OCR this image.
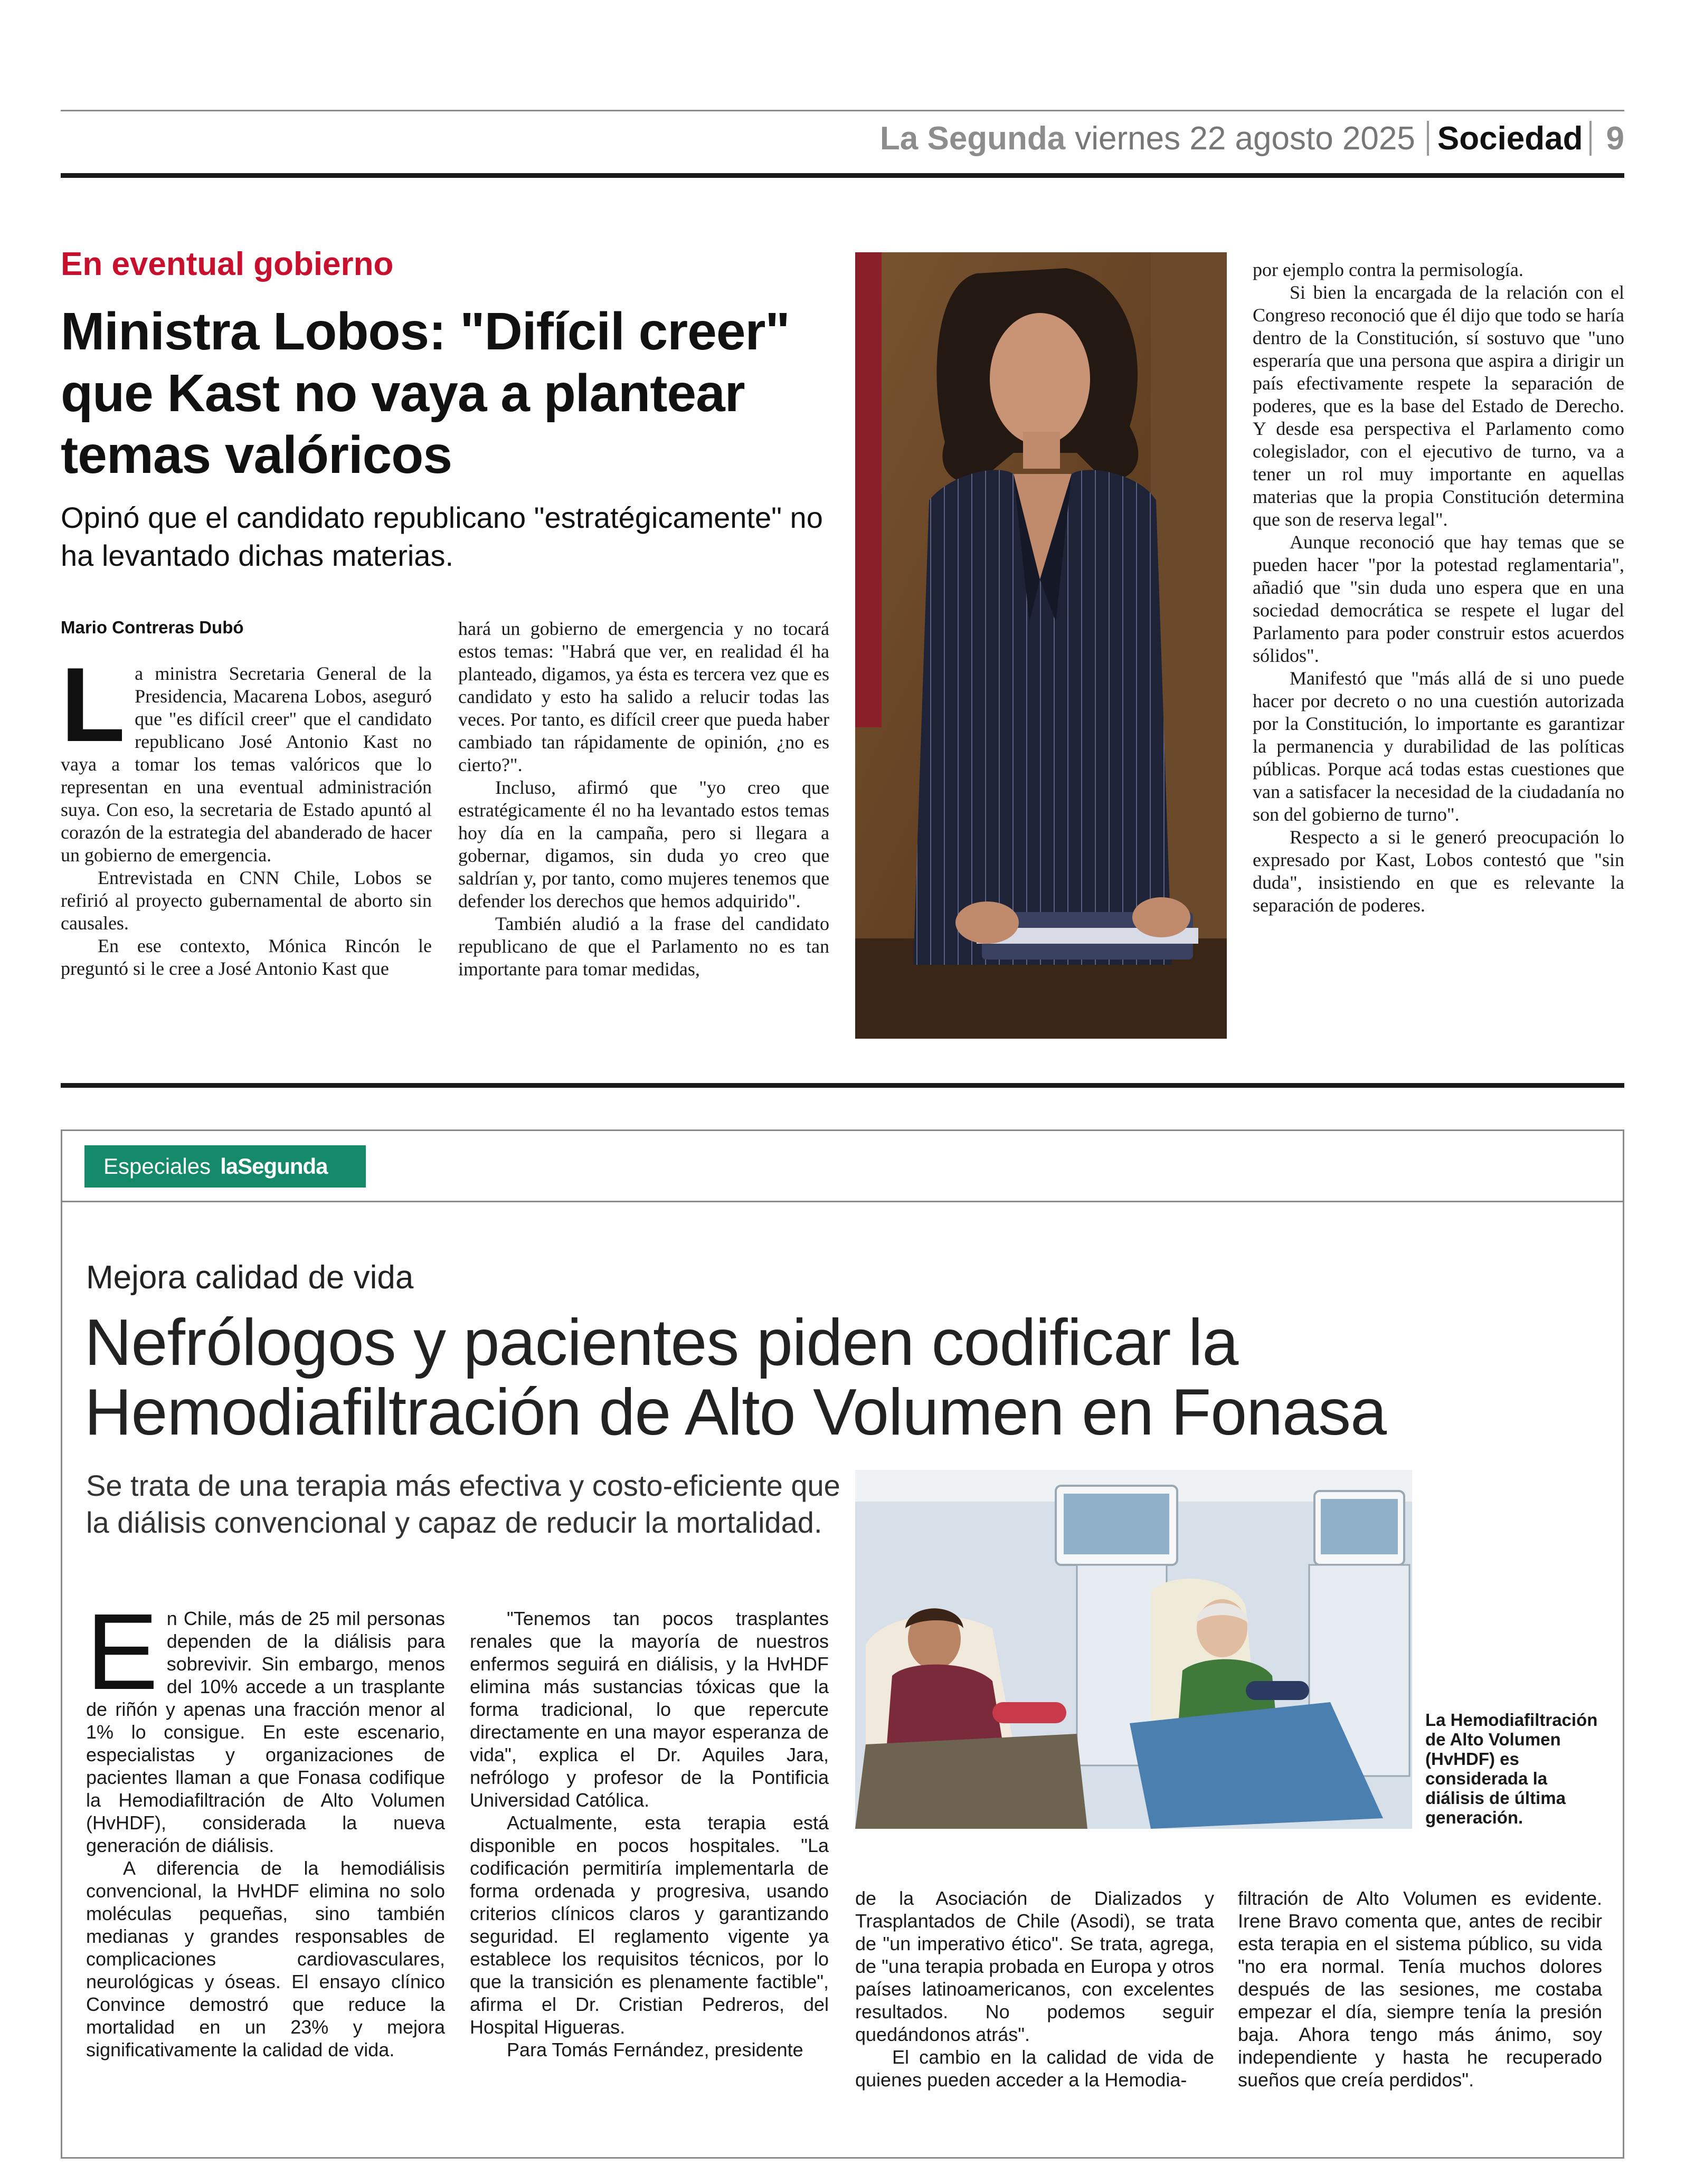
La Segunda viernes 22 agosto 2025 Sociedad 9
En eventual gobierno
Ministra Lobos: "Difícil creer" que Kast no vaya a plantear temas valóricos
Opinó que el candidato republicano "estratégicamente" no ha levantado dichas materias.
Mario Contreras Dubó
L a ministra Secretaria General de la Presidencia, Macarena Lobos, aseguró que "es difícil creer" que el candidato republicano José Antonio Kast no vaya a tomar los temas valóricos que lo representan en una eventual administración suya. Con eso, la secretaria de Estado apuntó al corazón de la estrategia del abanderado de hacer un gobierno de emergencia.

Entrevistada en CNN Chile, Lobos se refirió al proyecto gubernamental de aborto sin causales.

En ese contexto, Mónica Rincón le preguntó si le cree a José Antonio Kast que

hará un gobierno de emergencia y no tocará estos temas: "Habrá que ver, en realidad él ha planteado, digamos, ya ésta es tercera vez que es candidato y esto ha salido a relucir todas las veces. Por tanto, es difícil creer que pueda haber cambiado tan rápidamente de opinión, ¿no es cierto?".

Incluso, afirmó que "yo creo que estratégicamente él no ha levantado estos temas hoy día en la campaña, pero si llegara a gobernar, digamos, sin duda yo creo que saldrían y, por tanto, como mujeres tenemos que defender los derechos que hemos adquirido".

También aludió a la frase del candidato republicano de que el Parlamento no es tan importante para tomar medidas,

por ejemplo contra la permisología.

Si bien la encargada de la relación con el Congreso reconoció que él dijo que todo se haría dentro de la Constitución, sí sostuvo que "uno esperaría que una persona que aspira a dirigir un país efectivamente respete la separación de poderes, que es la base del Estado de Derecho. Y desde esa perspectiva el Parlamento como colegislador, con el ejecutivo de turno, va a tener un rol muy importante en aquellas materias que la propia Constitución determina que son de reserva legal".

Aunque reconoció que hay temas que se pueden hacer "por la potestad reglamentaria", añadió que "sin duda uno espera que en una sociedad democrática se respete el lugar del Parlamento para poder construir estos acuerdos sólidos".

Manifestó que "más allá de si uno puede hacer por decreto o no una cuestión autorizada por la Constitución, lo importante es garantizar la permanencia y durabilidad de las políticas públicas. Porque acá todas estas cuestiones que van a satisfacer la necesidad de la ciudadanía no son del gobierno de turno".

Respecto a si le generó preocupación lo expresado por Kast, Lobos contestó que "sin duda", insistiendo en que es relevante la separación de poderes.

Especiales laSegunda
Mejora calidad de vida
Nefrólogos y pacientes piden codificar la Hemodiafiltración de Alto Volumen en Fonasa
Se trata de una terapia más efectiva y costo-eficiente que la diálisis convencional y capaz de reducir la mortalidad.
E n Chile, más de 25 mil personas dependen de la diálisis para sobrevivir. Sin embargo, menos del 10% accede a un trasplante de riñón y apenas una fracción menor al 1% lo consigue. En este escenario, especialistas y organizaciones de pacientes llaman a que Fonasa codifique la Hemodiafiltración de Alto Volumen (HvHDF), considerada la nueva generación de diálisis.

A diferencia de la hemodiálisis convencional, la HvHDF elimina no solo moléculas pequeñas, sino también medianas y grandes responsables de complicaciones cardiovasculares, neurológicas y óseas. El ensayo clínico Convince demostró que reduce la mortalidad en un 23% y mejora significativamente la calidad de vida.

"Tenemos tan pocos trasplantes renales que la mayoría de nuestros enfermos seguirá en diálisis, y la HvHDF elimina más sustancias tóxicas que la forma tradicional, lo que repercute directamente en una mayor esperanza de vida", explica el Dr. Aquiles Jara, nefrólogo y profesor de la Pontificia Universidad Católica.

Actualmente, esta terapia está disponible en pocos hospitales. "La codificación permitiría implementarla de forma ordenada y progresiva, usando criterios clínicos claros y garantizando seguridad. El reglamento vigente ya establece los requisitos técnicos, por lo que la transición es plenamente factible", afirma el Dr. Cristian Pedreros, del Hospital Higueras.

Para Tomás Fernández, presidente

La Hemodiafiltración de Alto Volumen (HvHDF) es considerada la diálisis de última generación.

de la Asociación de Dializados y Trasplantados de Chile (Asodi), se trata de "un imperativo ético". Se trata, agrega, de "una terapia probada en Europa y otros países latinoamericanos, con excelentes resultados. No podemos seguir quedándonos atrás".

El cambio en la calidad de vida de quienes pueden acceder a la Hemodia-

filtración de Alto Volumen es evidente. Irene Bravo comenta que, antes de recibir esta terapia en el sistema público, su vida "no era normal. Tenía muchos dolores después de las sesiones, me costaba empezar el día, siempre tenía la presión baja. Ahora tengo más ánimo, soy independiente y hasta he recuperado sueños que creía perdidos".
